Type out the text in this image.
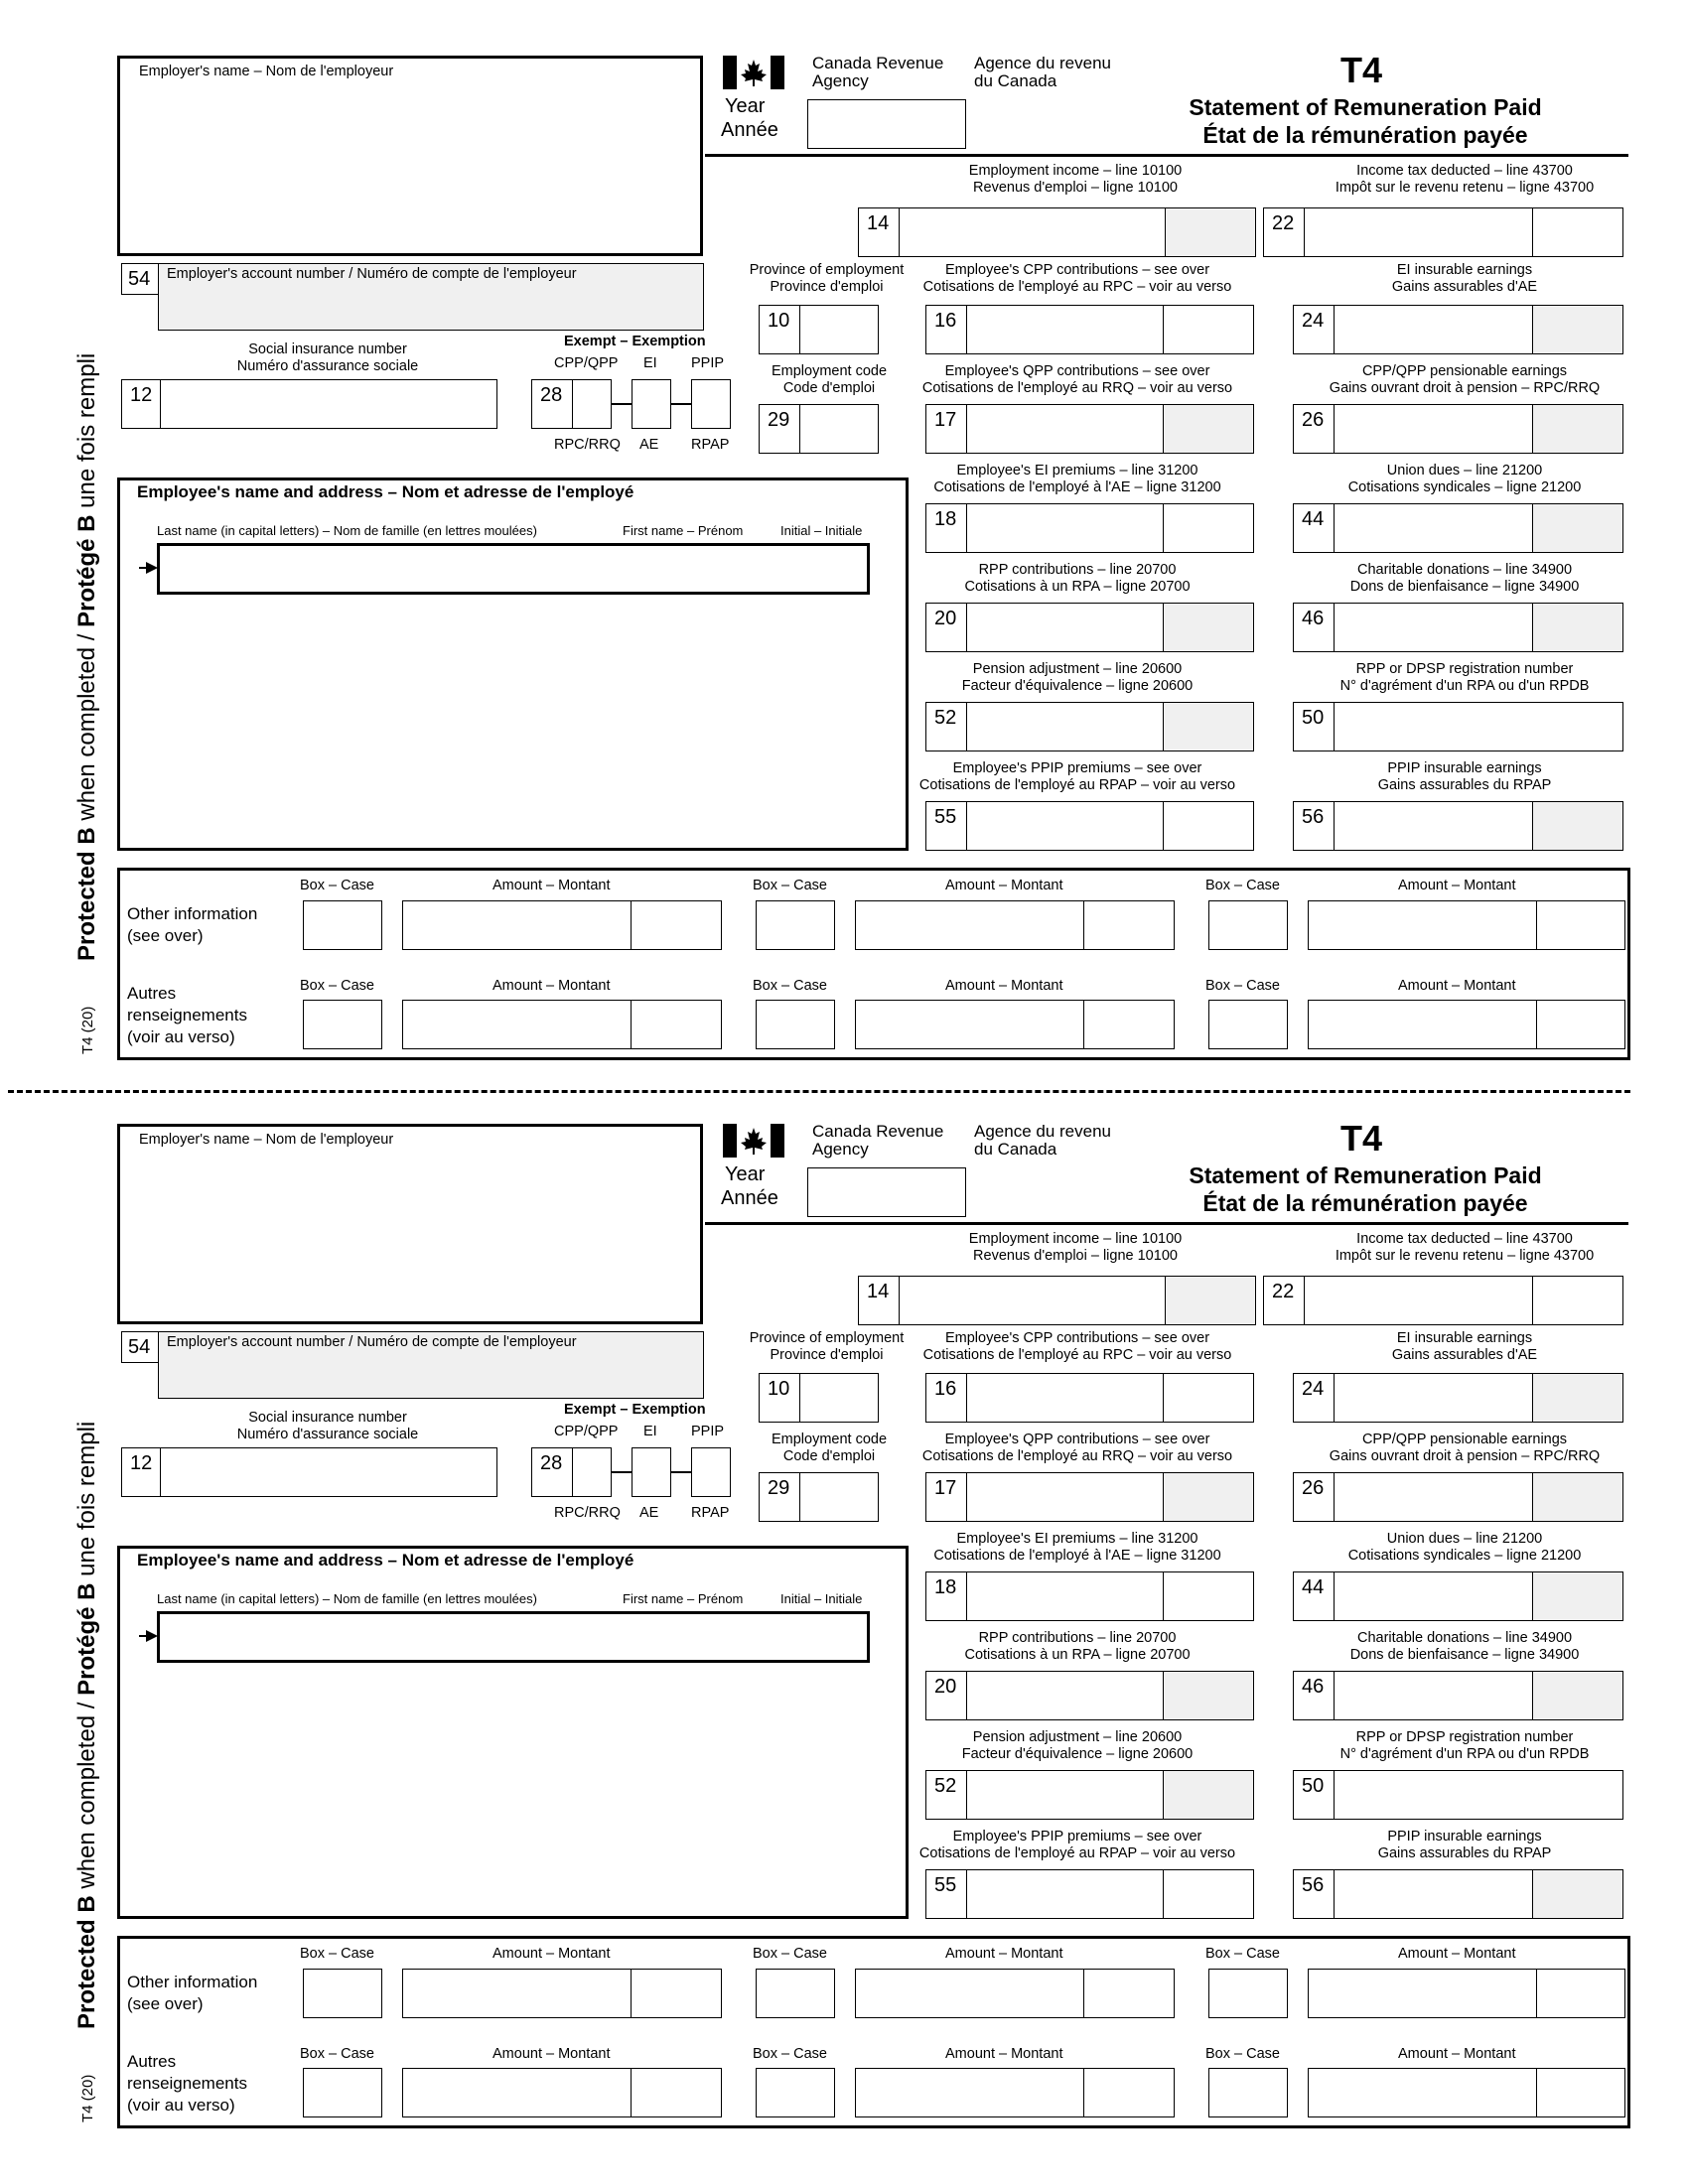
Protected B when completed / Protégé B une fois rempli
T4 (20)
Employer's name – Nom de l'employeur
Year
Année
Canada Revenue
Agency
Agence du revenu
du Canada	T4
Statement of Remuneration Paid
État de la rémunération payée
Employment income – line 10100
Revenus d'emploi – ligne 10100
14
Income tax deducted – line 43700
Impôt sur le revenu retenu – ligne 43700
22
54 Employer's account number / Numéro de compte de l'employeur	Province of employment
Province d'emploi
10
Employee's CPP contributions – see over
Cotisations de l'employé au RPC – voir au verso
16
EI insurable earnings
Gains assurables d'AE
24
Social insurance number
Numéro d'assurance sociale
12
Exempt – Exemption
CPP/QPP EI PPIP
28
RPC/RRQ AE RPAP
Employment code
Code d'emploi
29
Employee's QPP contributions – see over
Cotisations de l'employé au RRQ – voir au verso
17
CPP/QPP pensionable earnings
Gains ouvrant droit à pension – RPC/RRQ
26
Employee's name and address – Nom et adresse de l'employé
Last name (in capital letters) – Nom de famille (en lettres moulées)	First name – Prénom	Initial – Initiale
Employee's EI premiums – line 31200
Cotisations de l'employé à l'AE – ligne 31200
18
Union dues – line 21200
Cotisations syndicales – ligne 21200
44
RPP contributions – line 20700
Cotisations à un RPA – ligne 20700
20
Charitable donations – line 34900
Dons de bienfaisance – ligne 34900
46
Pension adjustment – line 20600
Facteur d'équivalence – ligne 20600
52
RPP or DPSP registration number
N° d'agrément d'un RPA ou d'un RPDB
50
Employee's PPIP premiums – see over
Cotisations de l'employé au RPAP – voir au verso
55
PPIP insurable earnings
Gains assurables du RPAP
56
Other information
(see over)
Autres
renseignements
(voir au verso)
Box – Case	Amount – Montant	Box – Case	Amount – Montant	Box – Case	Amount – Montant
Box – Case	Amount – Montant	Box – Case	Amount – Montant	Box – Case	Amount – Montant
Protected B when completed / Protégé B une fois rempli
T4 (20)
Employer's name – Nom de l'employeur
Year
Année
Canada Revenue
Agency
Agence du revenu
du Canada	T4
Statement of Remuneration Paid
État de la rémunération payée
Employment income – line 10100
Revenus d'emploi – ligne 10100
14
Income tax deducted – line 43700
Impôt sur le revenu retenu – ligne 43700
22
54 Employer's account number / Numéro de compte de l'employeur	Province of employment
Province d'emploi
10
Employee's CPP contributions – see over
Cotisations de l'employé au RPC – voir au verso
16
EI insurable earnings
Gains assurables d'AE
24
Social insurance number
Numéro d'assurance sociale
12
Exempt – Exemption
CPP/QPP EI PPIP
28
RPC/RRQ AE RPAP
Employment code
Code d'emploi
29
Employee's QPP contributions – see over
Cotisations de l'employé au RRQ – voir au verso
17
CPP/QPP pensionable earnings
Gains ouvrant droit à pension – RPC/RRQ
26
Employee's name and address – Nom et adresse de l'employé
Last name (in capital letters) – Nom de famille (en lettres moulées)	First name – Prénom	Initial – Initiale
Employee's EI premiums – line 31200
Cotisations de l'employé à l'AE – ligne 31200
18
Union dues – line 21200
Cotisations syndicales – ligne 21200
44
RPP contributions – line 20700
Cotisations à un RPA – ligne 20700
20
Charitable donations – line 34900
Dons de bienfaisance – ligne 34900
46
Pension adjustment – line 20600
Facteur d'équivalence – ligne 20600
52
RPP or DPSP registration number
N° d'agrément d'un RPA ou d'un RPDB
50
Employee's PPIP premiums – see over
Cotisations de l'employé au RPAP – voir au verso
55
PPIP insurable earnings
Gains assurables du RPAP
56
Other information
(see over)
Autres
renseignements
(voir au verso)
Box – Case	Amount – Montant	Box – Case	Amount – Montant	Box – Case	Amount – Montant
Box – Case	Amount – Montant	Box – Case	Amount – Montant	Box – Case	Amount – Montant
